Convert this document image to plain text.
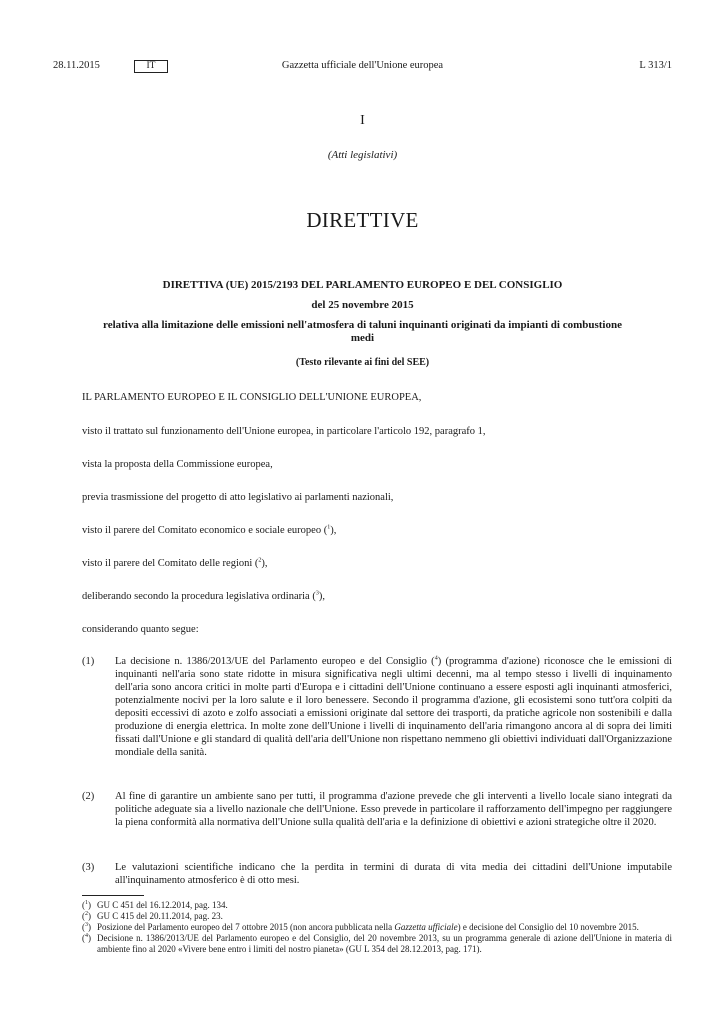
28.11.2015	IT	Gazzetta ufficiale dell'Unione europea	L 313/1
I
(Atti legislativi)
DIRETTIVE
DIRETTIVA (UE) 2015/2193 DEL PARLAMENTO EUROPEO E DEL CONSIGLIO
del 25 novembre 2015
relativa alla limitazione delle emissioni nell'atmosfera di taluni inquinanti originati da impianti di combustione medi
(Testo rilevante ai fini del SEE)
IL PARLAMENTO EUROPEO E IL CONSIGLIO DELL'UNIONE EUROPEA,
visto il trattato sul funzionamento dell'Unione europea, in particolare l'articolo 192, paragrafo 1,
vista la proposta della Commissione europea,
previa trasmissione del progetto di atto legislativo ai parlamenti nazionali,
visto il parere del Comitato economico e sociale europeo ($^1$),
visto il parere del Comitato delle regioni ($^2$),
deliberando secondo la procedura legislativa ordinaria ($^3$),
considerando quanto segue:
(1) La decisione n. 1386/2013/UE del Parlamento europeo e del Consiglio ($^4$) (programma d'azione) riconosce che le emissioni di inquinanti nell'aria sono state ridotte in misura significativa negli ultimi decenni, ma al tempo stesso i livelli di inquinamento dell'aria sono ancora critici in molte parti d'Europa e i cittadini dell'Unione continuano a essere esposti agli inquinanti atmosferici, potenzialmente nocivi per la loro salute e il loro benessere. Secondo il programma d'azione, gli ecosistemi sono tutt'ora colpiti da depositi eccessivi di azoto e zolfo associati a emissioni originate dal settore dei trasporti, da pratiche agricole non sostenibili e dalla produzione di energia elettrica. In molte zone dell'Unione i livelli di inquinamento dell'aria rimangono ancora al di sopra dei limiti fissati dall'Unione e gli standard di qualità dell'aria dell'Unione non rispettano nemmeno gli obiettivi individuati dall'Organizzazione mondiale della sanità.
(2) Al fine di garantire un ambiente sano per tutti, il programma d'azione prevede che gli interventi a livello locale siano integrati da politiche adeguate sia a livello nazionale che dell'Unione. Esso prevede in particolare il rafforzamento dell'impegno per raggiungere la piena conformità alla normativa dell'Unione sulla qualità dell'aria e la definizione di obiettivi e azioni strategiche oltre il 2020.
(3) Le valutazioni scientifiche indicano che la perdita in termini di durata di vita media dei cittadini dell'Unione imputabile all'inquinamento atmosferico è di otto mesi.
($^1$) GU C 451 del 16.12.2014, pag. 134.
($^2$) GU C 415 del 20.11.2014, pag. 23.
($^3$) Posizione del Parlamento europeo del 7 ottobre 2015 (non ancora pubblicata nella Gazzetta ufficiale) e decisione del Consiglio del 10 novembre 2015.
($^4$) Decisione n. 1386/2013/UE del Parlamento europeo e del Consiglio, del 20 novembre 2013, su un programma generale di azione dell'Unione in materia di ambiente fino al 2020 «Vivere bene entro i limiti del nostro pianeta» (GU L 354 del 28.12.2013, pag. 171).
